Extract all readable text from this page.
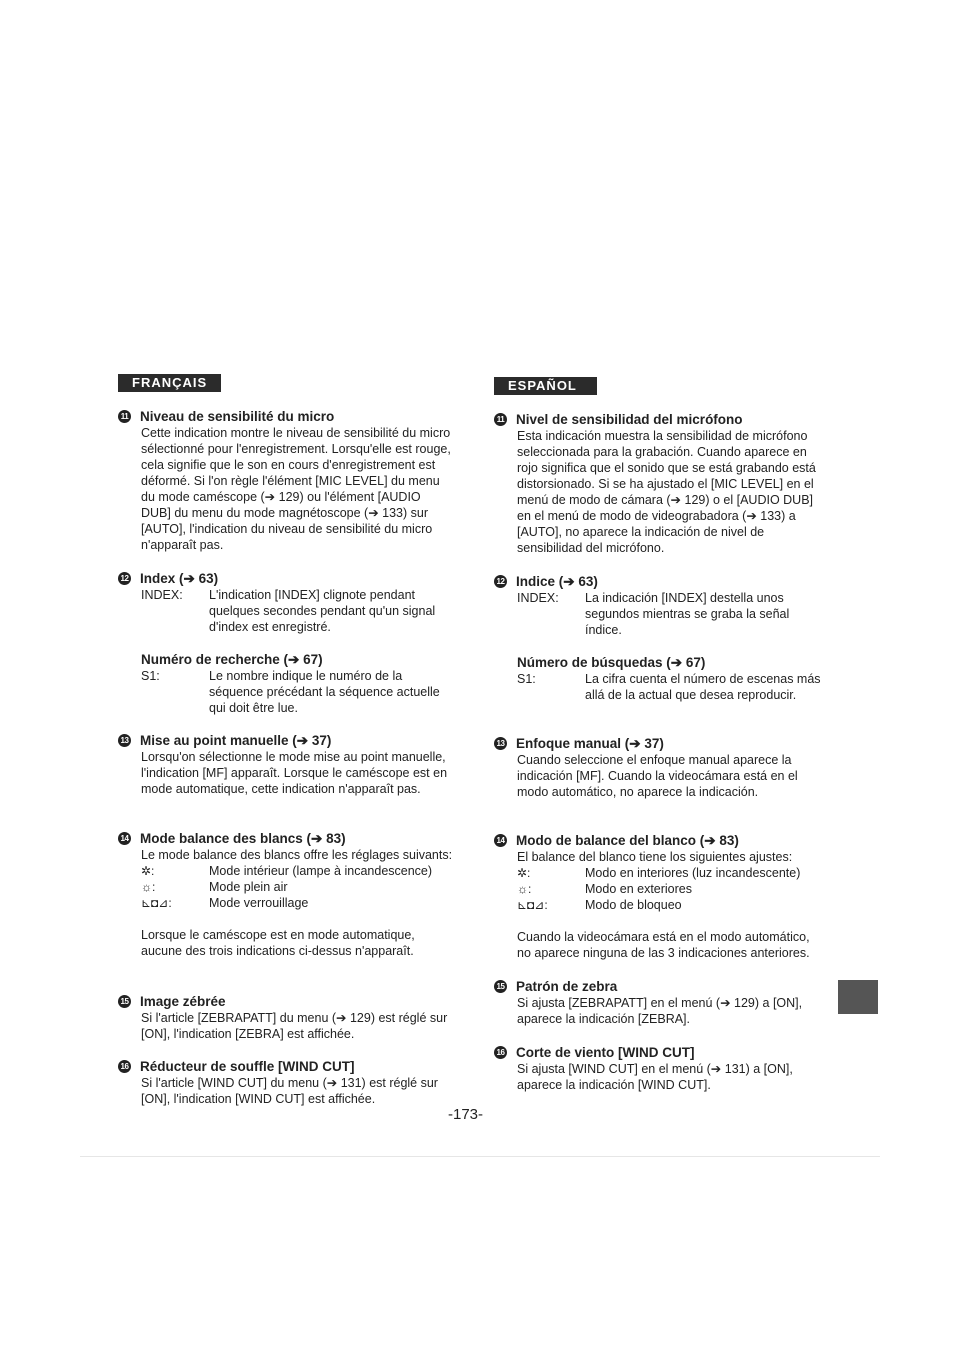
FRANÇAIS
11 Niveau de sensibilité du micro
Cette indication montre le niveau de sensibilité du micro sélectionné pour l'enregistrement. Lorsqu'elle est rouge, cela signifie que le son en cours d'enregistrement est déformé. Si l'on règle l'élément [MIC LEVEL] du menu du mode caméscope (➔ 129) ou l'élément [AUDIO DUB] du menu du mode magnétoscope (➔ 133) sur [AUTO], l'indication du niveau de sensibilité du micro n'apparaît pas.
12 Index (➔ 63)
INDEX:	L'indication [INDEX] clignote pendant quelques secondes pendant qu'un signal d'index est enregistré.
Numéro de recherche (➔ 67)
S1:	Le nombre indique le numéro de la séquence précédant la séquence actuelle qui doit être lue.
13 Mise au point manuelle (➔ 37)
Lorsqu'on sélectionne le mode mise au point manuelle, l'indication [MF] apparaît. Lorsque le caméscope est en mode automatique, cette indication n'apparaît pas.
14 Mode balance des blancs (➔ 83)
Le mode balance des blancs offre les réglages suivants:
✲:	Mode intérieur (lampe à incandescence)
☼:	Mode plein air
⊾◘⊿:	Mode verrouillage
Lorsque le caméscope est en mode automatique, aucune des trois indications ci-dessus n'apparaît.
15 Image zébrée
Si l'article [ZEBRAPATT] du menu (➔ 129) est réglé sur [ON], l'indication [ZEBRA] est affichée.
16 Réducteur de souffle [WIND CUT]
Si l'article [WIND CUT] du menu (➔ 131) est réglé sur [ON], l'indication [WIND CUT] est affichée.
ESPAÑOL
11 Nivel de sensibilidad del micrófono
Esta indicación muestra la sensibilidad de micrófono seleccionada para la grabación. Cuando aparece en rojo significa que el sonido que se está grabando está distorsionado. Si se ha ajustado el [MIC LEVEL] en el menú de modo de cámara (➔ 129) o el [AUDIO DUB] en el menú de modo de videograbadora (➔ 133) a [AUTO], no aparece la indicación de nivel de sensibilidad del micrófono.
12 Indice (➔ 63)
INDEX:	La indicación [INDEX] destella unos segundos mientras se graba la señal índice.
Número de búsquedas (➔ 67)
S1:	La cifra cuenta el número de escenas más allá de la actual que desea reproducir.
13 Enfoque manual (➔ 37)
Cuando seleccione el enfoque manual aparece la indicación [MF]. Cuando la videocámara está en el modo automático, no aparece la indicación.
14 Modo de balance del blanco (➔ 83)
El balance del blanco tiene los siguientes ajustes:
✲:	Modo en interiores (luz incandescente)
☼:	Modo en exteriores
⊾◘⊿:	Modo de bloqueo
Cuando la videocámara está en el modo automático, no aparece ninguna de las 3 indicaciones anteriores.
15 Patrón de zebra
Si ajusta [ZEBRAPATT] en el menú (➔ 129) a [ON], aparece la indicación [ZEBRA].
16 Corte de viento [WIND CUT]
Si ajusta [WIND CUT] en el menú (➔ 131) a [ON], aparece la indicación [WIND CUT].
-173-
